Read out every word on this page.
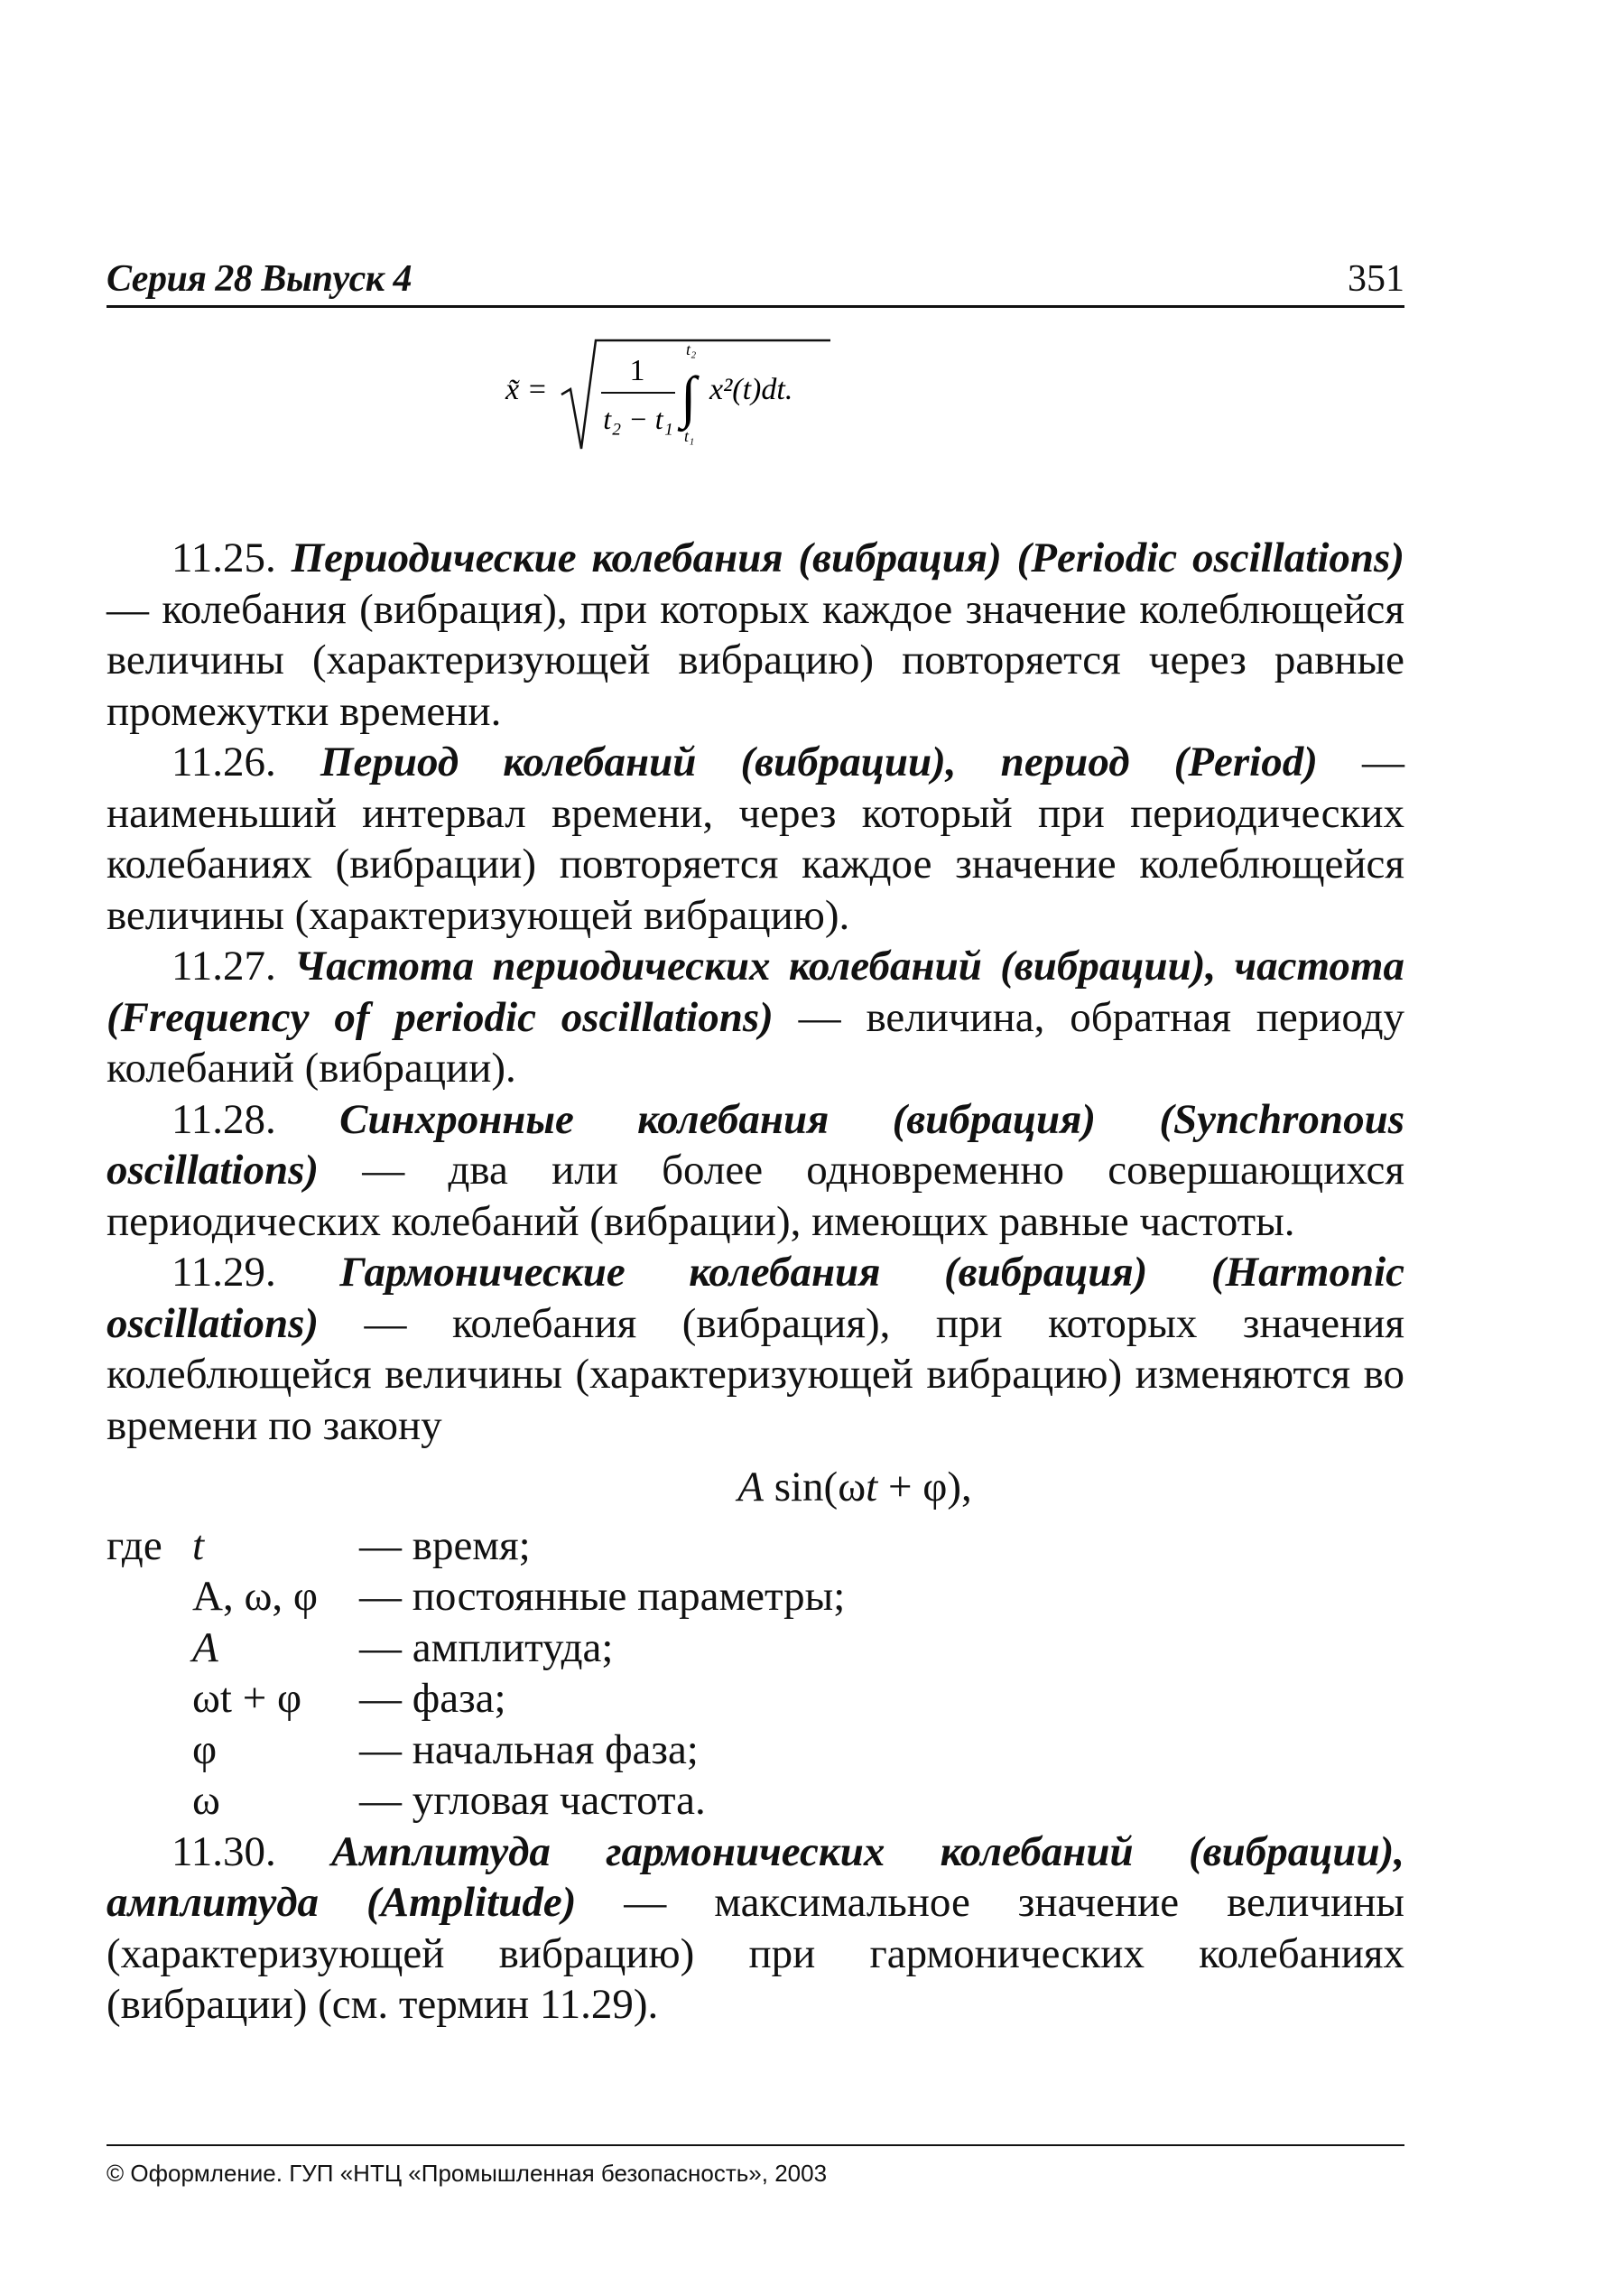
Серия 28 Выпуск 4	351
x̃ =
1
t₂ − t₁
t₂
∫
t₁
x²(t)dt.

11.25. Периодические колебания (вибрация) (Periodic oscillations) — колебания (вибрация), при которых каждое значение колеблющейся величины (характеризующей вибрацию) повторяется через равные промежутки времени.

11.26. Период колебаний (вибрации), период (Period) — наименьший интервал времени, через который при периодических колебаниях (вибрации) повторяется каждое значение колеблющейся величины (характеризующей вибрацию).

11.27. Частота периодических колебаний (вибрации), частота (Frequency of periodic oscillations) — величина, обратная периоду колебаний (вибрации).

11.28. Синхронные колебания (вибрация) (Synchronous oscillations) — два или более одновременно совершающихся периодических колебаний (вибрации), имеющих равные частоты.

11.29. Гармонические колебания (вибрация) (Harmonic oscillations) — колебания (вибрация), при которых значения колеблющейся величины (характеризующей вибрацию) изменяются во времени по закону

A sin(ωt + φ),
где	t	— время;
	A, ω, φ	— постоянные параметры;
	A	— амплитуда;
	ωt + φ	— фаза;
	φ	— начальная фаза;
	ω	— угловая частота.

11.30. Амплитуда гармонических колебаний (вибрации), амплитуда (Amplitude) — максимальное значение величины (характеризующей вибрацию) при гармонических колебаниях (вибрации) (см. термин 11.29).

© Оформление. ГУП «НТЦ «Промышленная безопасность», 2003
